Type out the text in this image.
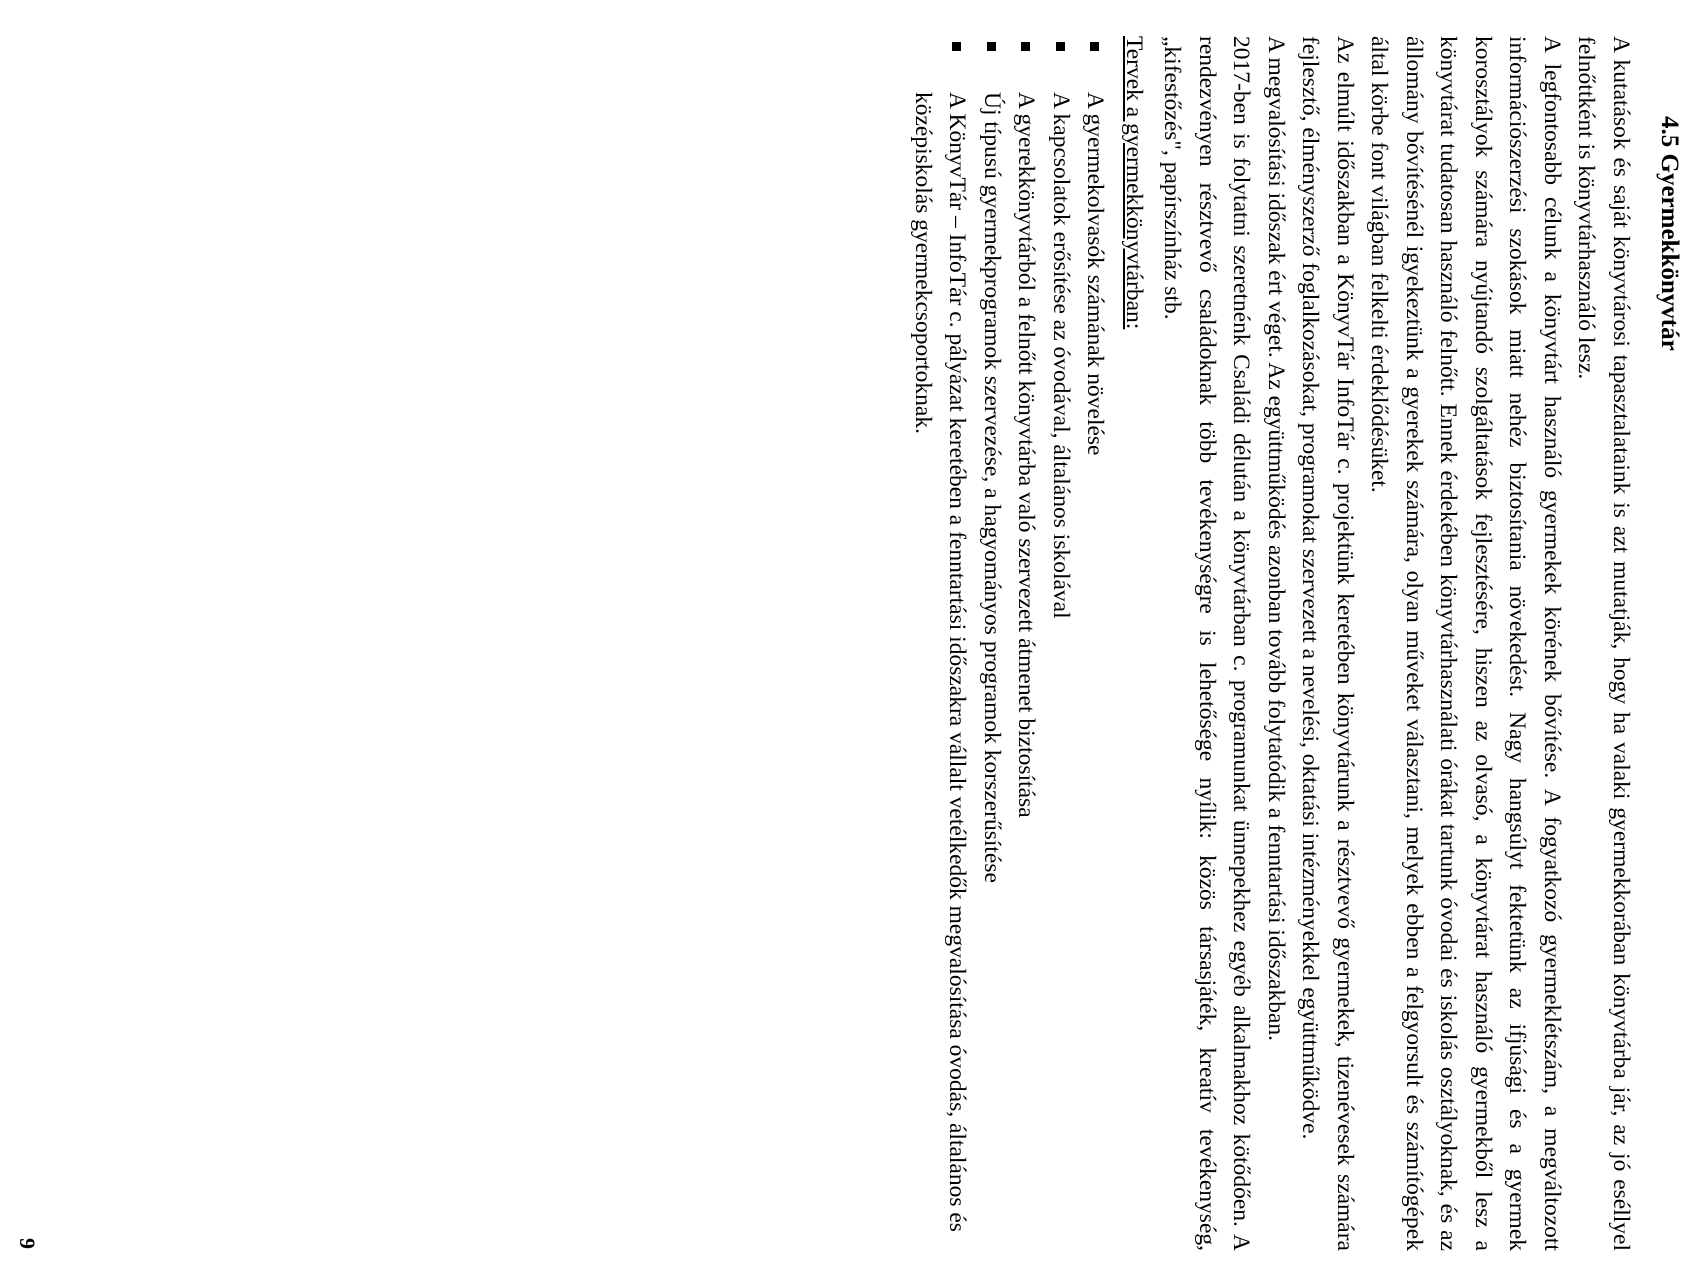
4.5 Gyermekkönyvtár

A kutatások és saját könyvtárosi tapasztalataink is azt mutatják, hogy ha valaki gyermekkorában könyvtárba jár, az jó eséllyel felnőttként is könyvtárhasználó lesz.

A legfontosabb célunk a könyvtárt használó gyermekek körének bővítése. A fogyatkozó gyermeklétszám, a megváltozott információszerzési szokások miatt nehéz biztosítania növekedést. Nagy hangsúlyt fektetünk az ifjúsági és a gyermek korosztályok számára nyújtandó szolgáltatások fejlesztésére, hiszen az olvasó, a könyvtárat használó gyermekből lesz a könyvtárat tudatosan használó felnőtt. Ennek érdekében könyvtárhasználati órákat tartunk óvodai és iskolás osztályoknak, és az állomány bővítésénél igyekeztünk a gyerekek számára, olyan műveket választani, melyek ebben a felgyorsult és számítógépek által körbe font világban felkelti érdeklődésüket.

Az elmúlt időszakban a KönyvTár InfoTár c. projektünk keretében könyvtárunk a résztvevő gyermekek, tizenévesek számára fejlesztő, élményszerző foglalkozásokat, programokat szervezett a nevelési, oktatási intézményekkel együttműködve.

A megvalósítási időszak ért véget. Az együttműködés azonban tovább folytatódik a fenntartási időszakban.

2017-ben is folytatni szeretnénk Családi délután a könyvtárban c. programunkat ünnepekhez egyéb alkalmakhoz kötődően. A rendezvényen résztvevő családoknak több tevékenységre is lehetősége nyílik: közös társasjáték, kreatív tevékenység, „kifestőzés", papírszínház stb.

Tervek a gyermekkönyvtárban:
A gyermekolvasók számának növelése
A kapcsolatok erősítése az óvodával, általános iskolával
A gyerekkönyvtárból a felnőtt könyvtárba való szervezett átmenet biztosítása
Új típusú gyermekprogramok szervezése, a hagyományos programok korszerűsítése
A KönyvTár – InfoTár c. pályázat keretében a fenntartási időszakra vállalt vetélkedők megvalósítása óvodás, általános és középiskolás gyermekcsoportoknak.
9
